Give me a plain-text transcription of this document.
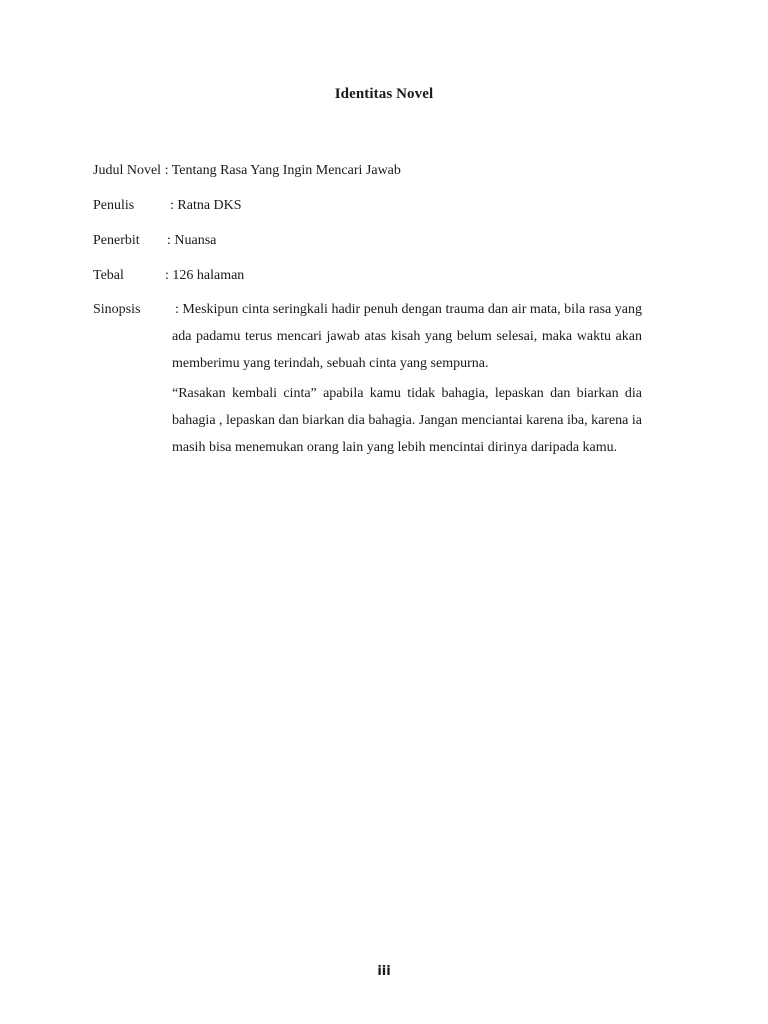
Identitas Novel
Judul Novel : Tentang Rasa Yang Ingin Mencari Jawab
Penulis	: Ratna DKS
Penerbit : Nuansa
Tebal	: 126 halaman
Sinopsis : Meskipun cinta seringkali hadir penuh dengan trauma dan air mata, bila rasa yang ada padamu terus mencari jawab atas kisah yang belum selesai, maka waktu akan memberimu yang terindah, sebuah cinta yang sempurna.

“Rasakan kembali cinta” apabila kamu tidak bahagia, lepaskan dan biarkan dia bahagia , lepaskan dan biarkan dia bahagia. Jangan menciantai karena iba, karena ia masih bisa menemukan orang lain yang lebih mencintai dirinya daripada kamu.

iii
